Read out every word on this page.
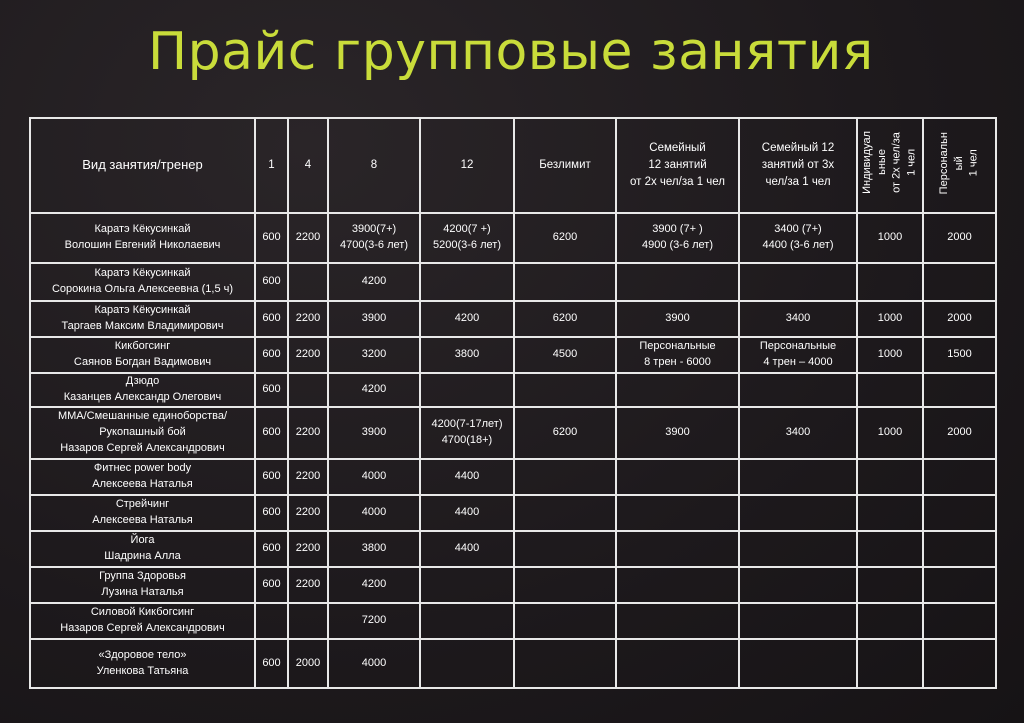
Прайс групповые занятия
Вид занятия/тренер	1	4	8	12	Безлимит	Семейный
12 занятий
от 2х чел/за 1 чел	Семейный 12
занятий от 3х
чел/за 1 чел	Индивидуал ьные от 2х чел/за 1 чел	Персональн ый 1 чел

Каратэ Кёкусинкай
Волошин Евгений Николаевич	600	2200	3900(7+)
4700(3-6 лет)	4200(7 +)
5200(3-6 лет)	6200	3900 (7+ )
4900 (3-6 лет)	3400 (7+)
4400 (3-6 лет)	1000	2000

Каратэ Кёкусинкай
Сорокина Ольга Алексеевна (1,5 ч)	600		4200						

Каратэ Кёкусинкай
Таргаев Максим Владимирович	600	2200	3900	4200	6200	3900	3400	1000	2000

Кикбогсинг
Саянов Богдан Вадимович	600	2200	3200	3800	4500	Персональные
8 трен - 6000	Персональные
4 трен – 4000	1000	1500

Дзюдо
Казанцев Александр Олегович	600		4200						

ММА/Смешанные единоборства/
Рукопашный бой
Назаров Сергей Александрович	600	2200	3900	4200(7-17лет)
4700(18+)	6200	3900	3400	1000	2000

Фитнес power body
Алексеева Наталья	600	2200	4000	4400					

Стрейчинг
Алексеева Наталья	600	2200	4000	4400					

Йога
Шадрина Алла	600	2200	3800	4400					

Группа Здоровья
Лузина Наталья	600	2200	4200						

Силовой Кикбогсинг
Назаров Сергей Александрович			7200						

«Здоровое тело»
Уленкова Татьяна	600	2000	4000						
